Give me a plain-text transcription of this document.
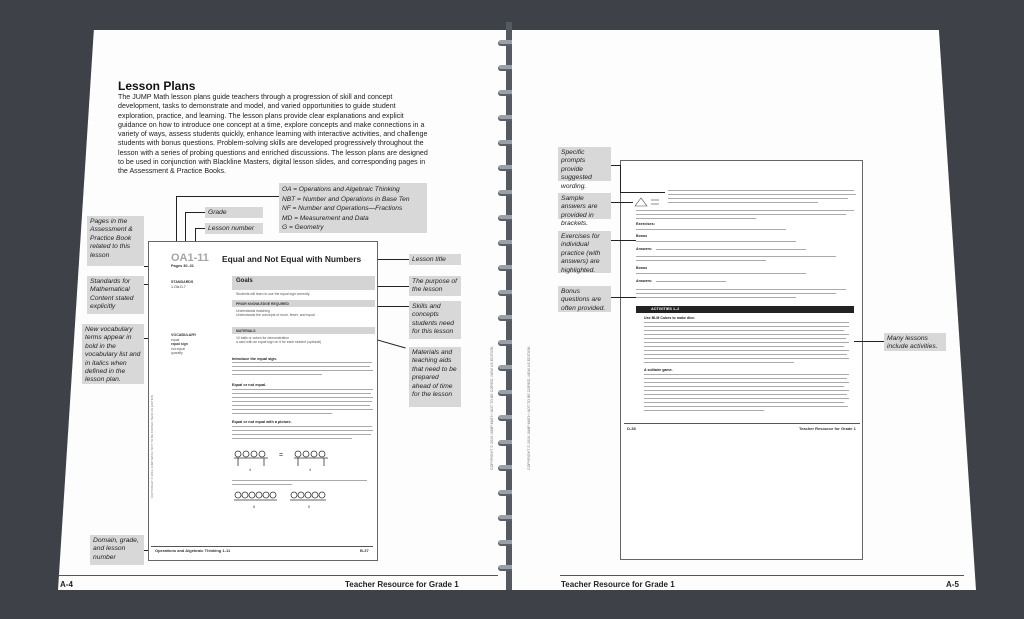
Lesson Plans
The JUMP Math lesson plans guide teachers through a progression of skill and concept development, tasks to demonstrate and model, and varied opportunities to guide student exploration, practice, and learning. The lesson plans provide clear explanations and explicit guidance on how to introduce one concept at a time, explore concepts and make connections in a variety of ways, assess students quickly, enhance learning with interactive activities, and challenge students with bonus questions. Problem-solving skills are developed progressively throughout the lesson with a series of probing questions and enriched discussions. The lesson plans are designed to be used in conjunction with Blackline Masters, digital lesson slides, and corresponding pages in the Assessment & Practice Books.
OA = Operations and Algebraic Thinking
NBT = Number and Operations in Base Ten
NF = Number and Operations—Fractions
MD = Measurement and Data
G = Geometry
Grade
Lesson number
Pages in the Assessment & Practice Book related to this lesson
Standards for Mathematical Content stated explicitly
New vocabulary terms appear in bold in the vocabulary list and in italics when defined in the lesson plan.
Lesson title
The purpose of the lesson
Skills and concepts students need for this lesson
Materials and teaching aids that need to be prepared ahead of time for the lesson
Domain, grade, and lesson number
OA1-11
Pages 30–31
Equal and Not Equal with Numbers
STANDARDS
1.OA.D.7
VOCABULARY
equal
equal sign
not equal
quantity
Goals
Students will learn to use the equal sign correctly.
PRIOR KNOWLEDGE REQUIRED
Understands matching
Understands the concepts of more, fewer, and equal
MATERIALS
10 balls or cubes for demonstration
a card with an equal sign on it for each student (optional)
Introduce the equal sign.
Equal or not equal.
Equal or not equal with a picture.
=
4	4
6	5
COPYRIGHT © 2019 JUMP MATH: NOT TO BE COPIED. NEW US EDITION
Operations and Algebraic Thinking 1-11	B-37
COPYRIGHT © 2019 JUMP MATH: NOT TO BE COPIED. NEW US EDITION
A-4	Teacher Resource for Grade 1
Exercises:
Bonus
Answers:
Bonus
Answers:
ACTIVITIES 1–2
Use BLM Cubes to make dice.
A solitaire game.
D-38	Teacher Resource for Grade 1
Specific prompts provide suggested wording.
Sample answers are provided in brackets.
Exercises for individual practice (with answers) are highlighted.
Bonus questions are often provided.
Many lessons include activities.
COPYRIGHT © 2019 JUMP MATH: NOT TO BE COPIED. NEW US EDITION
Teacher Resource for Grade 1	A-5
